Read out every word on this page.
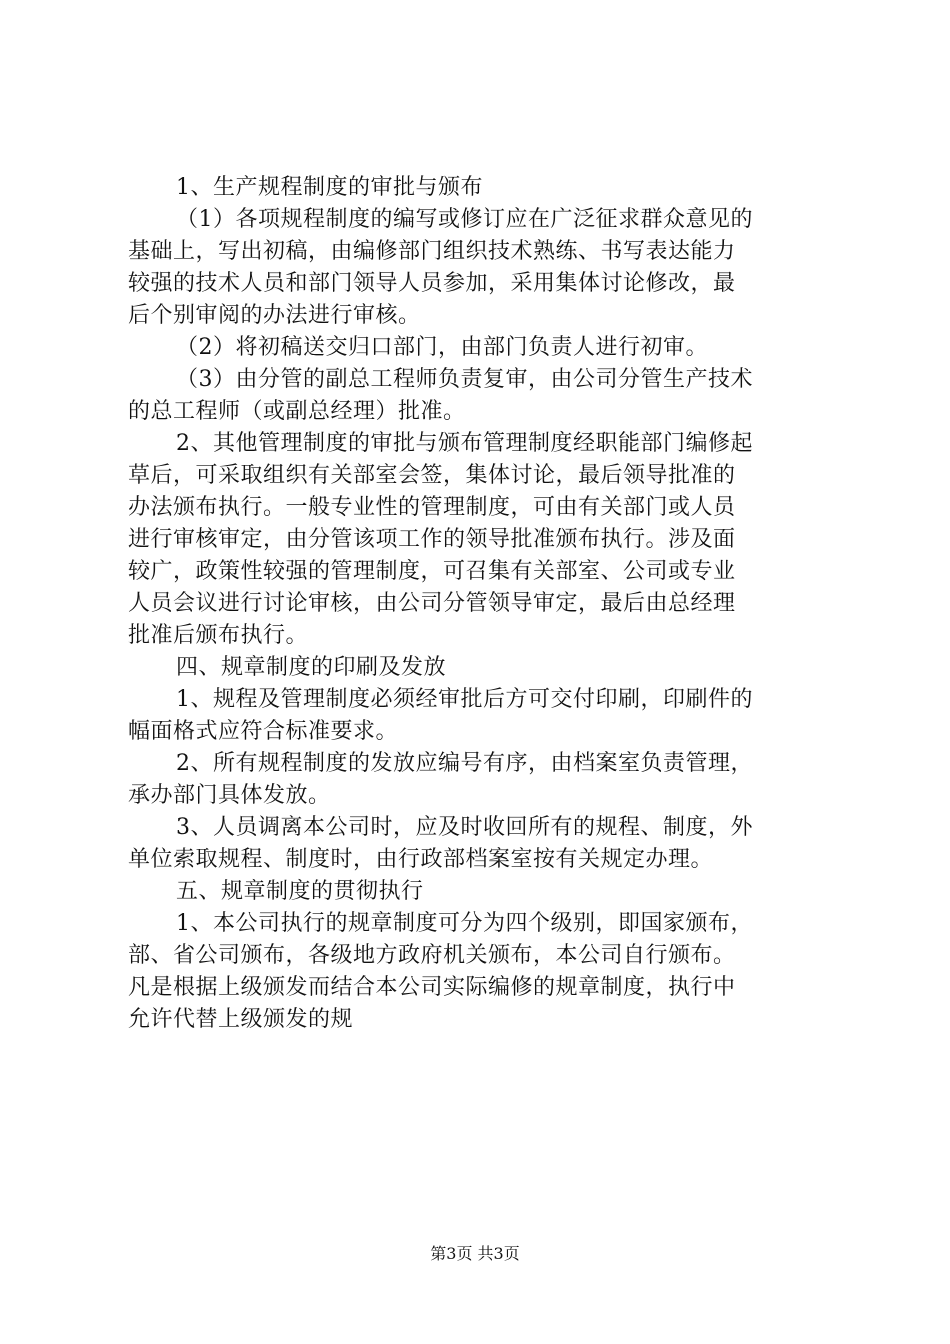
1、生产规程制度的审批与颁布
（1）各项规程制度的编写或修订应在广泛征求群众意见的
基础上，写出初稿，由编修部门组织技术熟练、书写表达能力
较强的技术人员和部门领导人员参加，采用集体讨论修改，最
后个别审阅的办法进行审核。
（2）将初稿送交归口部门，由部门负责人进行初审。
（3）由分管的副总工程师负责复审，由公司分管生产技术
的总工程师（或副总经理）批准。
2、其他管理制度的审批与颁布管理制度经职能部门编修起
草后，可采取组织有关部室会签，集体讨论，最后领导批准的
办法颁布执行。一般专业性的管理制度，可由有关部门或人员
进行审核审定，由分管该项工作的领导批准颁布执行。涉及面
较广，政策性较强的管理制度，可召集有关部室、公司或专业
人员会议进行讨论审核，由公司分管领导审定，最后由总经理
批准后颁布执行。
四、规章制度的印刷及发放
1、规程及管理制度必须经审批后方可交付印刷，印刷件的
幅面格式应符合标准要求。
2、所有规程制度的发放应编号有序，由档案室负责管理，
承办部门具体发放。
3、人员调离本公司时，应及时收回所有的规程、制度，外
单位索取规程、制度时，由行政部档案室按有关规定办理。
五、规章制度的贯彻执行
1、本公司执行的规章制度可分为四个级别，即国家颁布，
部、省公司颁布，各级地方政府机关颁布，本公司自行颁布。
凡是根据上级颁发而结合本公司实际编修的规章制度，执行中
允许代替上级颁发的规
第3页 共3页
